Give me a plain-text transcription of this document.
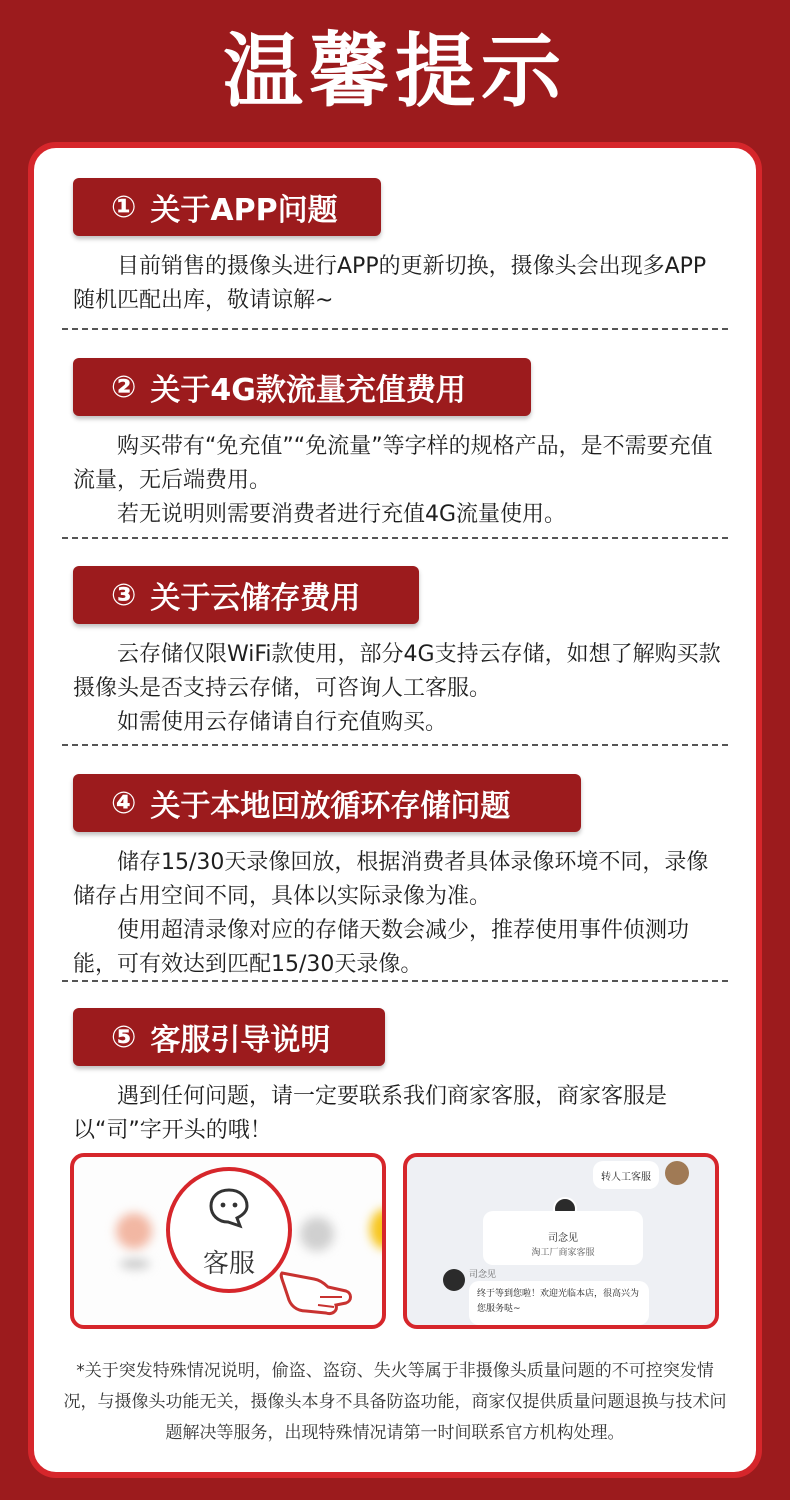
温馨提示
① 关于APP问题

目前销售的摄像头进行APP的更新切换，摄像头会出现多APP随机匹配出库，敬请谅解~

② 关于4G款流量充值费用

购买带有“免充值”“免流量”等字样的规格产品，是不需要充值流量，无后端费用。

若无说明则需要消费者进行充值4G流量使用。

③ 关于云储存费用

云存储仅限WiFi款使用，部分4G支持云存储，如想了解购买款摄像头是否支持云存储，可咨询人工客服。

如需使用云存储请自行充值购买。

④ 关于本地回放循环存储问题

储存15/30天录像回放，根据消费者具体录像环境不同，录像储存占用空间不同，具体以实际录像为准。

使用超清录像对应的存储天数会减少，推荐使用事件侦测功能，可有效达到匹配15/30天录像。

⑤ 客服引导说明

遇到任何问题，请一定要联系我们商家客服，商家客服是以“司”字开头的哦！

客服
转人工客服
司念见
淘工厂商家客服
司念见
终于等到您啦！欢迎光临本店，很高兴为您服务哒~
*关于突发特殊情况说明，偷盗、盗窃、失火等属于非摄像头质量问题的不可控突发情况，与摄像头功能无关，摄像头本身不具备防盗功能，商家仅提供质量问题退换与技术问题解决等服务，出现特殊情况请第一时间联系官方机构处理。
